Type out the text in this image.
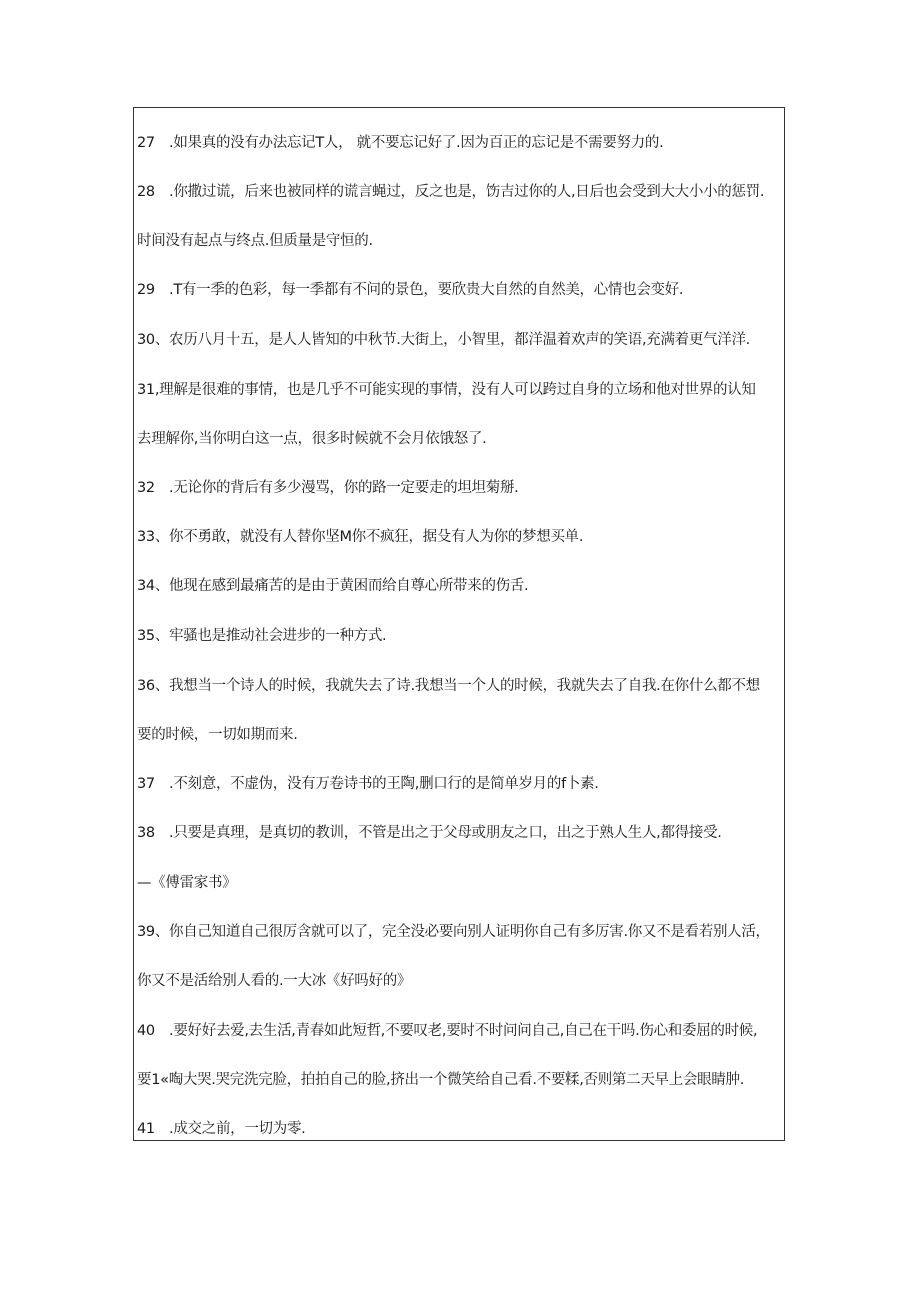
27　.如果真的没有办法忘记T人， 就不要忘记好了.因为百正的忘记是不需要努力的.
28　.你撒过谎，后来也被同样的谎言蝇过，反之也是，饬吉过你的人,日后也会受到大大小小的惩罚.
时间没有起点与终点.但质量是守恒的.
29　.T有一季的色彩，每一季都有不问的景色，要欣贵大自然的自然美，心情也会变好.
30、农历八月十五，是人人皆知的中秋节.大街上，小智里，都洋温着欢声的笑语,充满着更气洋洋.
31,理解是很难的事情，也是几乎不可能实现的事情，没有人可以跨过自身的立场和他对世界的认知
去理解你,当你明白这一点，很多时候就不会月依饿怒了.
32　.无论你的背后有多少漫骂，你的路一定要走的坦坦菊掰.
33、你不勇敢，就没有人替你坚M你不疯狂，据殳有人为你的梦想买单.
34、他现在感到最痛苦的是由于黄困而给自尊心所带来的伤舌.
35、牢骚也是推动社会进步的一种方式.
36、我想当一个诗人的时候，我就失去了诗.我想当一个人的时候，我就失去了自我.在你什么都不想
要的时候，一切如期而来.
37　.不刻意，不虚伪，没有万卷诗书的王陶,删口行的是简单岁月的f卜素.
38　.只要是真理，是真切的教训，不管是出之于父母或朋友之口，出之于熟人生人,都得接受.
—《傅雷家书》
39、你自己知道自己很厉含就可以了，完全没必要向别人证明你自己有多厉害.你又不是看若别人活，
你又不是活给别人看的.一大冰《好吗好的》
40　.要好好去爱,去生活,青春如此短哲,不要叹老,要时不时问问自己,自己在干吗.伤心和委屈的时候,
要1«啕大哭.哭完洗完脸，拍拍自己的脸,挤出一个微笑给自己看.不要糅,否则第二天早上会眼睛肿.
41　.成交之前，一切为零.
